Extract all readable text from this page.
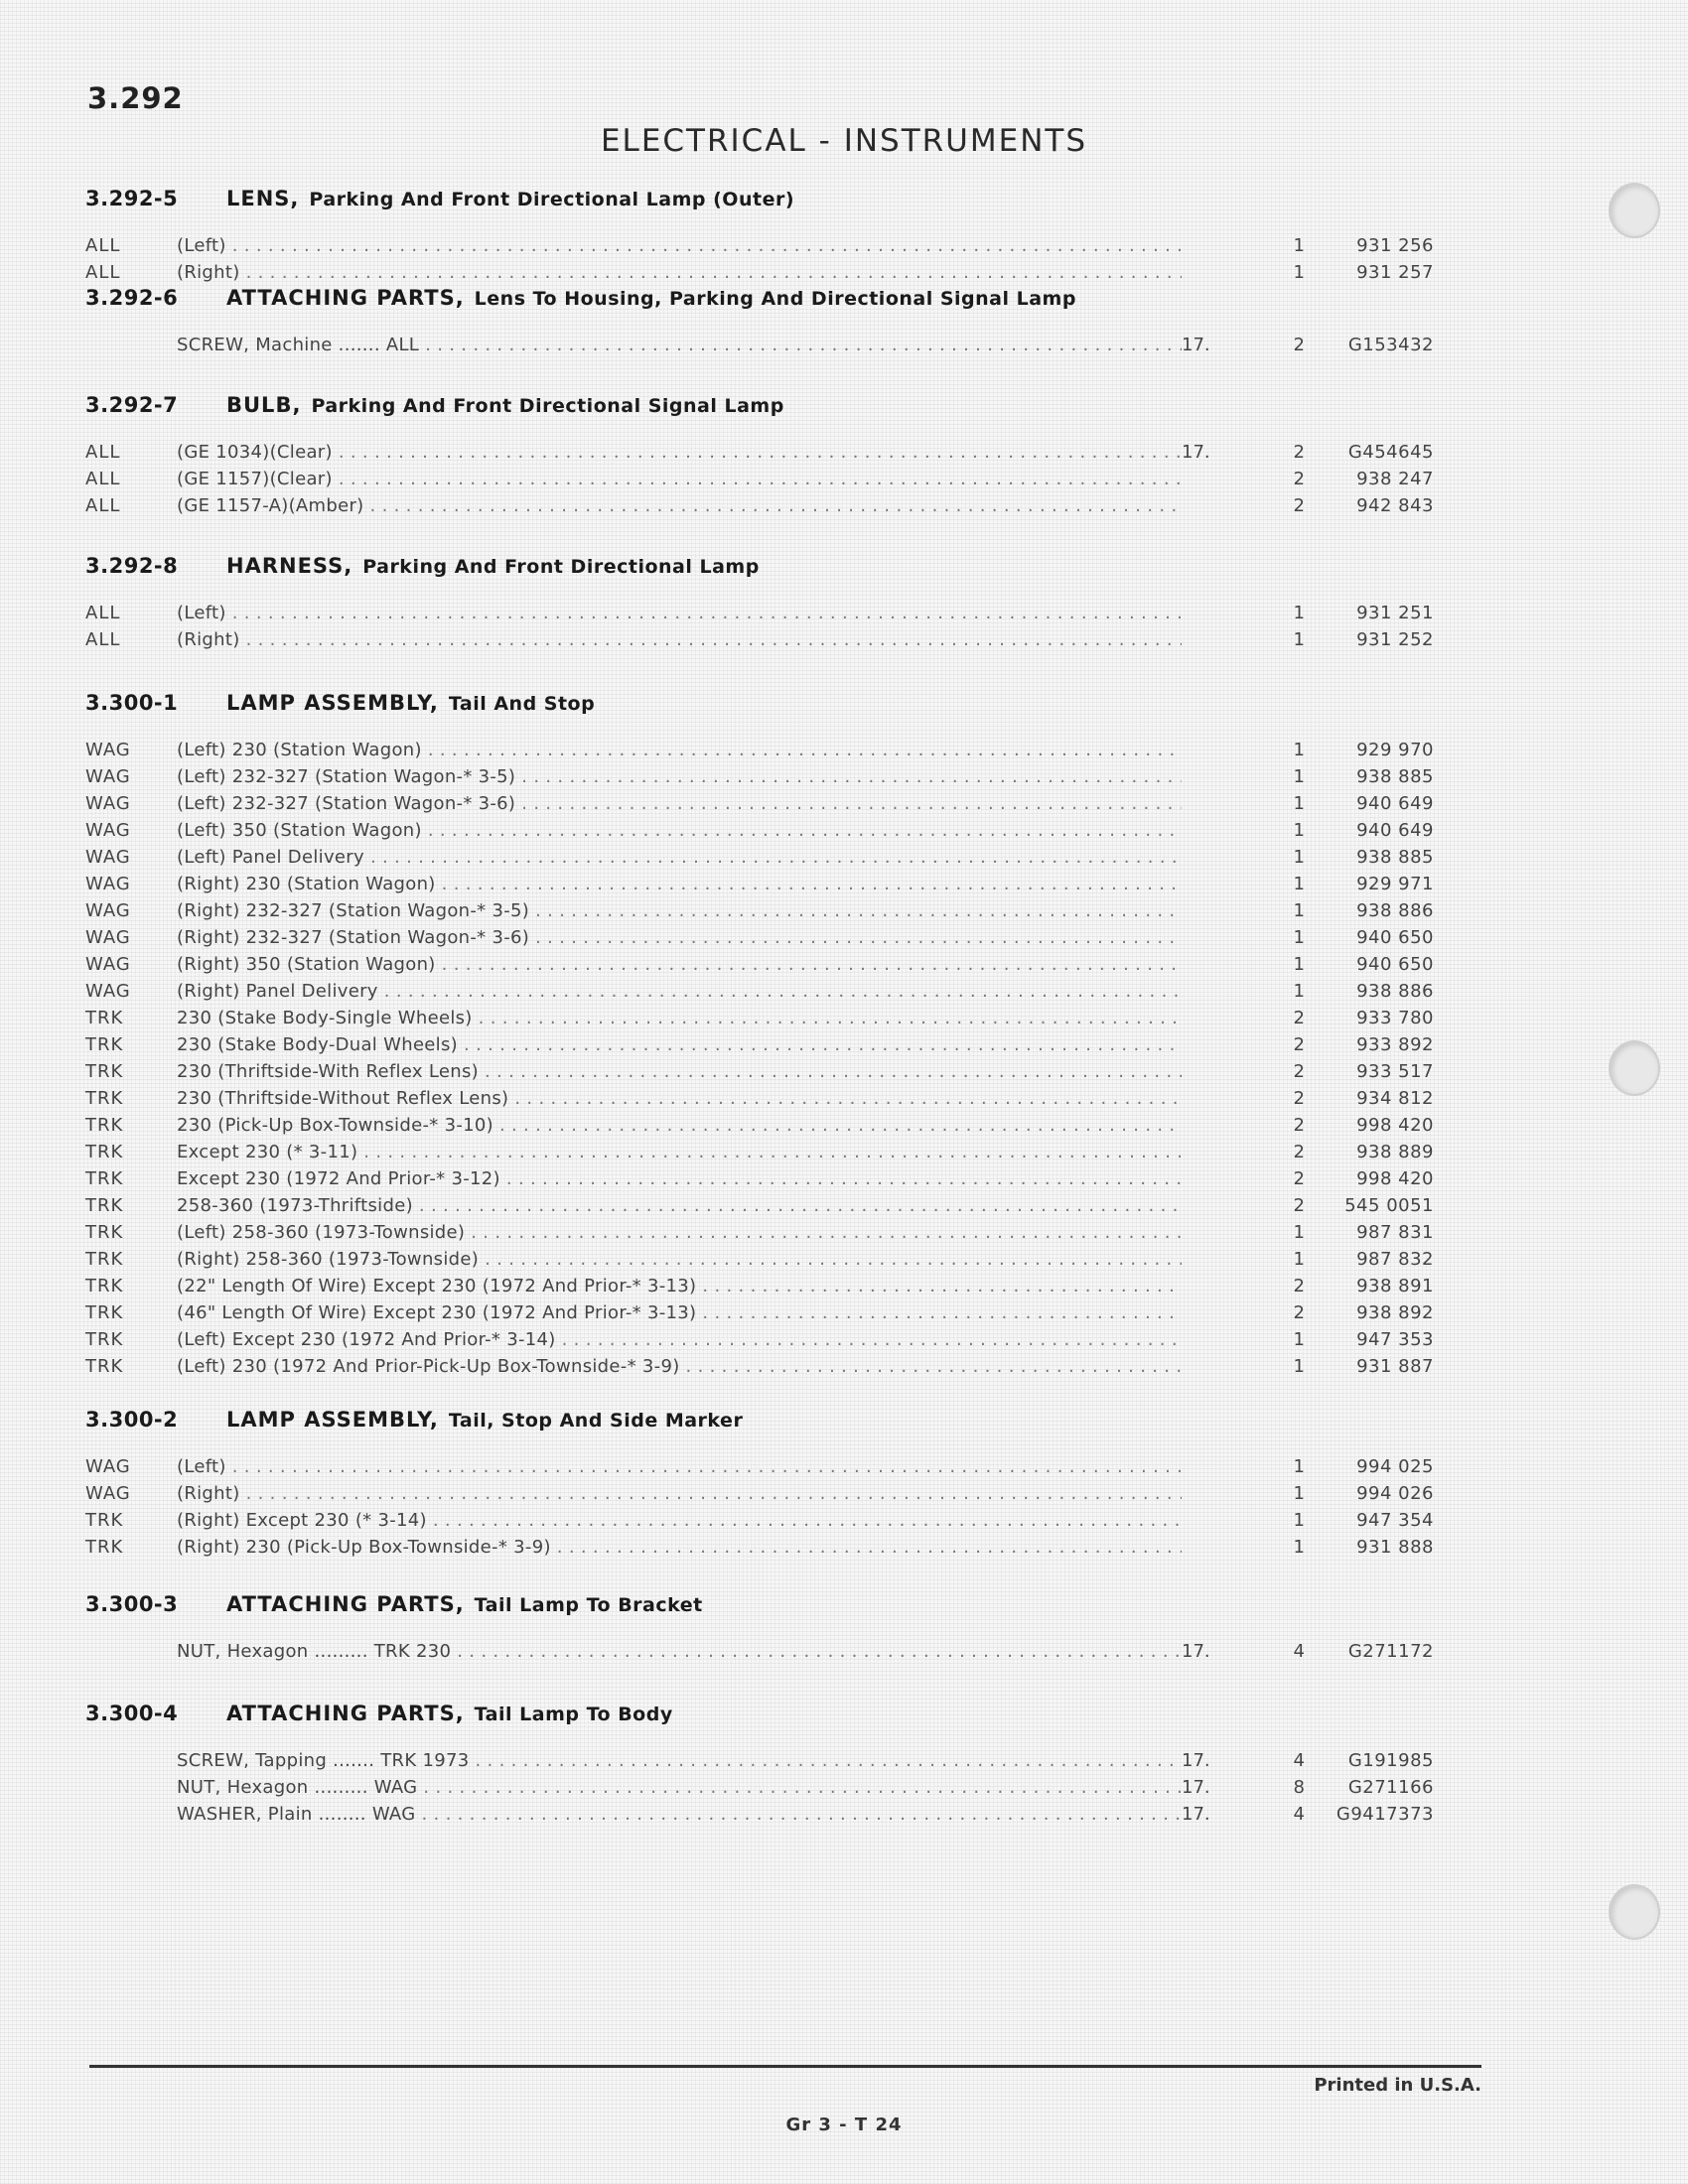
3.292
ELECTRICAL - INSTRUMENTS
3.292-5	LENS, Parking And Front Directional Lamp (Outer)
ALL	(Left) . . .	1	931 256
ALL	(Right) . . .	1	931 257
3.292-6	ATTACHING PARTS, Lens To Housing, Parking And Directional Signal Lamp
SCREW, Machine ....... ALL . . .	17.	2	G153432
3.292-7	BULB, Parking And Front Directional Signal Lamp
ALL	(GE 1034)(Clear) . . .	17.	2	G454645
ALL	(GE 1157)(Clear) . . .	2	938 247
ALL	(GE 1157-A)(Amber) . . .	2	942 843
3.292-8	HARNESS, Parking And Front Directional Lamp
ALL	(Left) . . .	1	931 251
ALL	(Right) . . .	1	931 252
3.300-1	LAMP ASSEMBLY, Tail And Stop
WAG	(Left) 230 (Station Wagon) . . .	1	929 970
WAG	(Left) 232-327 (Station Wagon-* 3-5) . . .	1	938 885
WAG	(Left) 232-327 (Station Wagon-* 3-6) . . .	1	940 649
WAG	(Left) 350 (Station Wagon) . . .	1	940 649
WAG	(Left) Panel Delivery . . .	1	938 885
WAG	(Right) 230 (Station Wagon) . . .	1	929 971
WAG	(Right) 232-327 (Station Wagon-* 3-5) . . .	1	938 886
WAG	(Right) 232-327 (Station Wagon-* 3-6) . . .	1	940 650
WAG	(Right) 350 (Station Wagon) . . .	1	940 650
WAG	(Right) Panel Delivery . . .	1	938 886
TRK	230 (Stake Body-Single Wheels) . . .	2	933 780
TRK	230 (Stake Body-Dual Wheels) . . .	2	933 892
TRK	230 (Thriftside-With Reflex Lens) . . .	2	933 517
TRK	230 (Thriftside-Without Reflex Lens) . . .	2	934 812
TRK	230 (Pick-Up Box-Townside-* 3-10) . . .	2	998 420
TRK	Except 230 (* 3-11) . . .	2	938 889
TRK	Except 230 (1972 And Prior-* 3-12) . . .	2	998 420
TRK	258-360 (1973-Thriftside) . . .	2	545 0051
TRK	(Left) 258-360 (1973-Townside) . . .	1	987 831
TRK	(Right) 258-360 (1973-Townside) . . .	1	987 832
TRK	(22" Length Of Wire) Except 230 (1972 And Prior-* 3-13) . . .	2	938 891
TRK	(46" Length Of Wire) Except 230 (1972 And Prior-* 3-13) . . .	2	938 892
TRK	(Left) Except 230 (1972 And Prior-* 3-14) . . .	1	947 353
TRK	(Left) 230 (1972 And Prior-Pick-Up Box-Townside-* 3-9) . . .	1	931 887
3.300-2	LAMP ASSEMBLY, Tail, Stop And Side Marker
WAG	(Left) . . .	1	994 025
WAG	(Right) . . .	1	994 026
TRK	(Right) Except 230 (* 3-14) . . .	1	947 354
TRK	(Right) 230 (Pick-Up Box-Townside-* 3-9) . . .	1	931 888
3.300-3	ATTACHING PARTS, Tail Lamp To Bracket
NUT, Hexagon ......... TRK 230 . . .	17.	4	G271172
3.300-4	ATTACHING PARTS, Tail Lamp To Body
SCREW, Tapping ....... TRK 1973 . . .	17.	4	G191985
NUT, Hexagon ......... WAG . . .	17.	8	G271166
WASHER, Plain ........ WAG . . .	17.	4	G9417373
Printed in U.S.A.
Gr 3 - T 24
